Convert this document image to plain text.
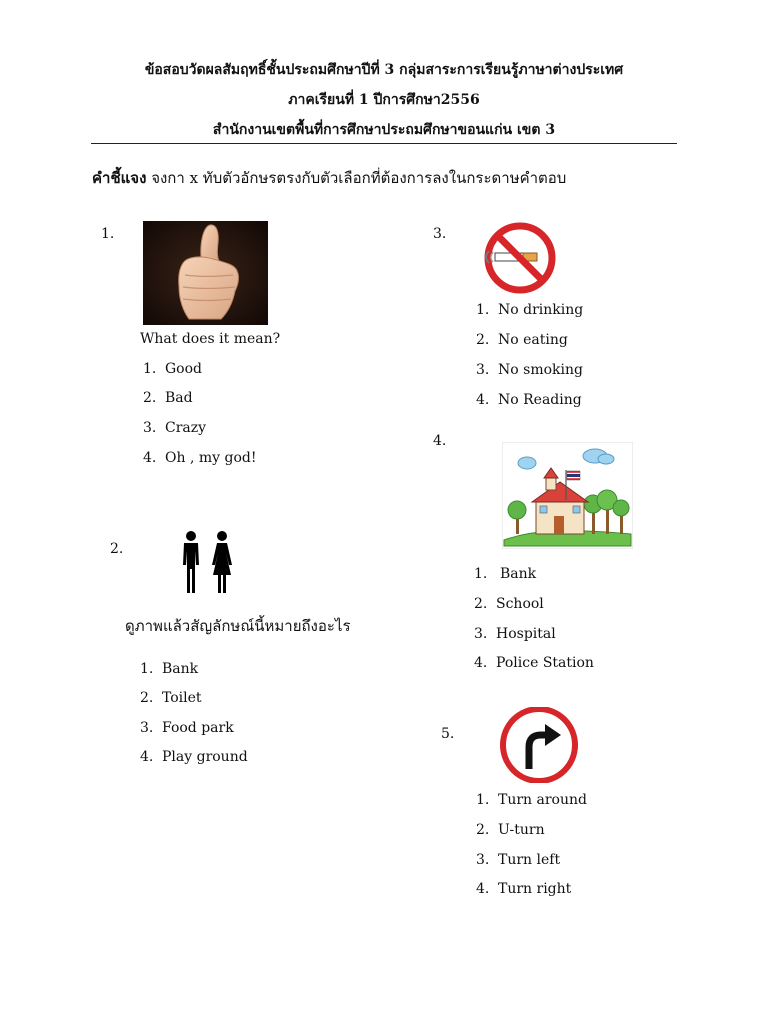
ข้อสอบวัดผลสัมฤทธิ์ชั้นประถมศึกษาปีที่ 3 กลุ่มสาระการเรียนรู้ภาษาต่างประเทศ
ภาคเรียนที่ 1 ปีการศึกษา2556
สำนักงานเขตพื้นที่การศึกษาประถมศึกษาขอนแก่น เขต 3
คำชี้แจง จงกา x ทับตัวอักษรตรงกับตัวเลือกที่ต้องการลงในกระดาษคำตอบ
1.
What does it mean?
1. Good
2. Bad
3. Crazy
4. Oh , my god!
2.
ดูภาพแล้วสัญลักษณ์นี้หมายถึงอะไร
1. Bank
2. Toilet
3. Food park
4. Play ground
3.
1. No drinking
2. No eating
3. No smoking
4. No Reading
4.
1. Bank
2. School
3. Hospital
4. Police Station
5.
1. Turn around
2. U-turn
3. Turn left
4. Turn right
